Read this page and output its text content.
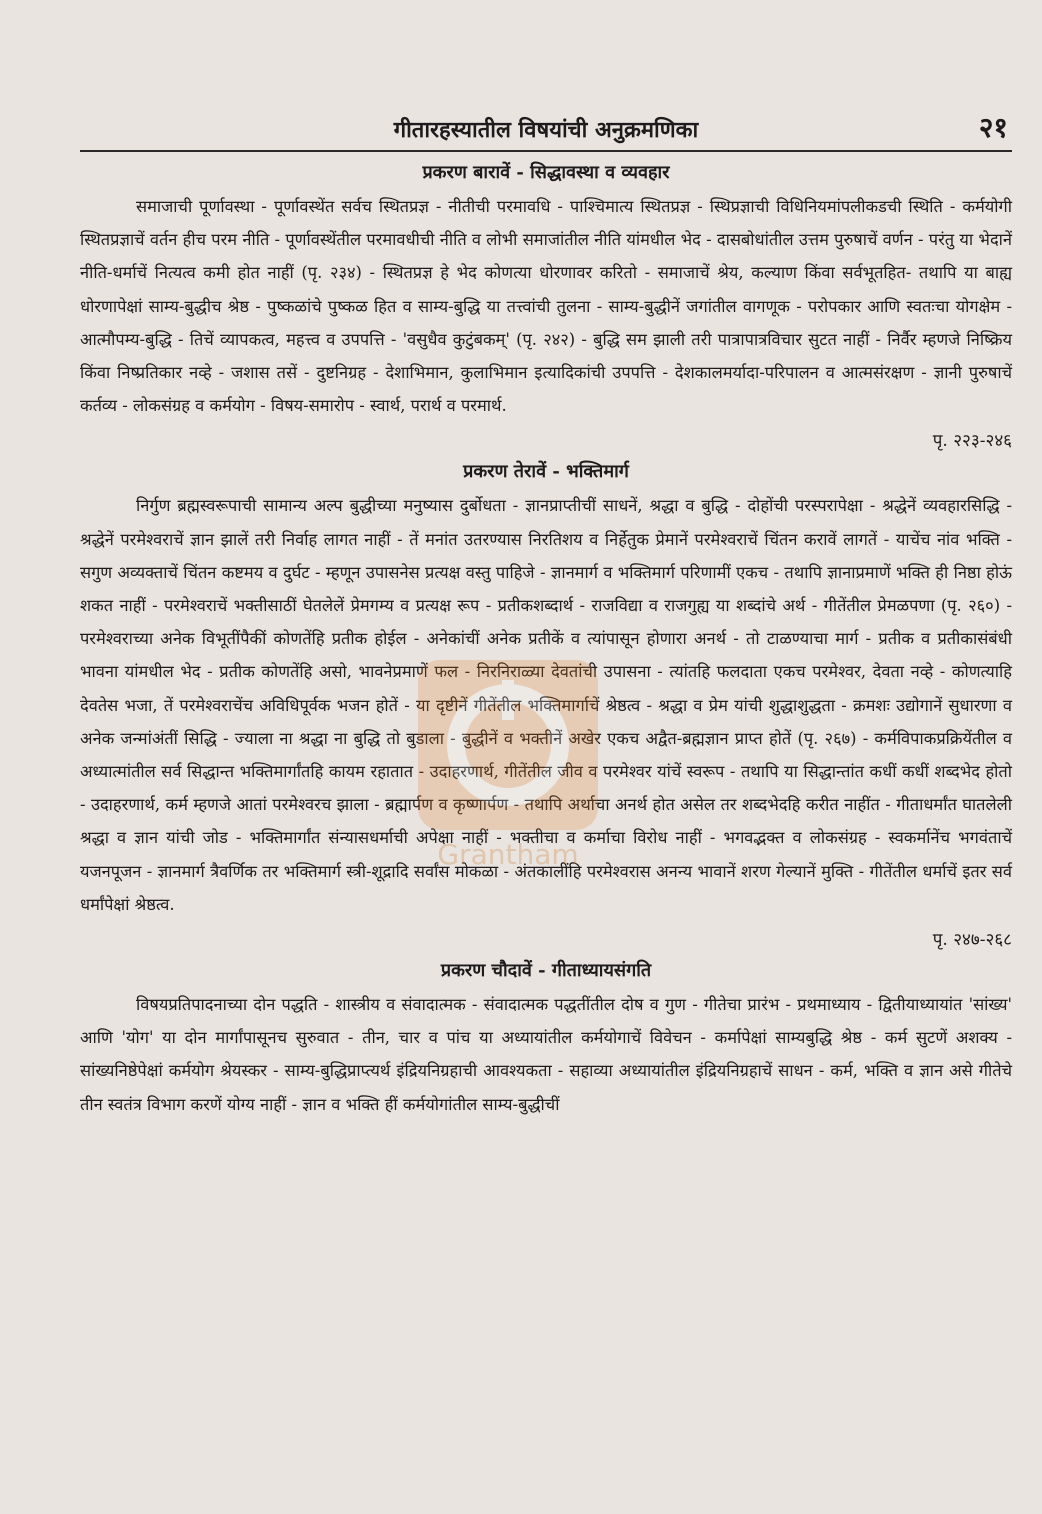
गीतारहस्यातील विषयांची अनुक्रमणिका	२१
प्रकरण बारावें - सिद्धावस्था व व्यवहार

समाजाची पूर्णावस्था - पूर्णावस्थेंत सर्वच स्थितप्रज्ञ - नीतीची परमावधि - पाश्चिमात्य स्थितप्रज्ञ - स्थिप्रज्ञाची विधिनियमांपलीकडची स्थिति - कर्मयोगी स्थितप्रज्ञाचें वर्तन हीच परम नीति - पूर्णावस्थेंतील परमावधीची नीति व लोभी समाजांतील नीति यांमधील भेद - दासबोधांतील उत्तम पुरुषाचें वर्णन - परंतु या भेदानें नीति-धर्माचें नित्यत्व कमी होत नाहीं (पृ. २३४) - स्थितप्रज्ञ हे भेद कोणत्या धोरणावर करितो - समाजाचें श्रेय, कल्याण किंवा सर्वभूतहित- तथापि या बाह्य धोरणापेक्षां साम्य-बुद्धीच श्रेष्ठ - पुष्कळांचे पुष्कळ हित व साम्य-बुद्धि या तत्त्वांची तुलना - साम्य-बुद्धीनें जगांतील वागणूक - परोपकार आणि स्वतःचा योगक्षेम - आत्मौपम्य-बुद्धि - तिचें व्यापकत्व, महत्त्व व उपपत्ति - 'वसुधैव कुटुंबकम्' (पृ. २४२) - बुद्धि सम झाली तरी पात्रापात्रविचार सुटत नाहीं - निर्वैर म्हणजे निष्क्रिय किंवा निष्प्रतिकार नव्हे - जशास तसें - दुष्टनिग्रह - देशाभिमान, कुलाभिमान इत्यादिकांची उपपत्ति - देशकालमर्यादा-परिपालन व आत्मसंरक्षण - ज्ञानी पुरुषाचें कर्तव्य - लोकसंग्रह व कर्मयोग - विषय-समारोप - स्वार्थ, परार्थ व परमार्थ.

पृ. २२३-२४६
प्रकरण तेरावें - भक्तिमार्ग

निर्गुण ब्रह्मस्वरूपाची सामान्य अल्प बुद्धीच्या मनुष्यास दुर्बोधता - ज्ञानप्राप्तीचीं साधनें, श्रद्धा व बुद्धि - दोहोंची परस्परापेक्षा - श्रद्धेनें व्यवहारसिद्धि - श्रद्धेनें परमेश्वराचें ज्ञान झालें तरी निर्वाह लागत नाहीं - तें मनांत उतरण्यास निरतिशय व निर्हेतुक प्रेमानें परमेश्वराचें चिंतन करावें लागतें - याचेंच नांव भक्ति - सगुण अव्यक्ताचें चिंतन कष्टमय व दुर्घट - म्हणून उपासनेस प्रत्यक्ष वस्तु पाहिजे - ज्ञानमार्ग व भक्तिमार्ग परिणामीं एकच - तथापि ज्ञानाप्रमाणें भक्ति ही निष्ठा होऊं शकत नाहीं - परमेश्वराचें भक्तीसाठीं घेतलेलें प्रेमगम्य व प्रत्यक्ष रूप - प्रतीकशब्दार्थ - राजविद्या व राजगुह्य या शब्दांचे अर्थ - गीतेंतील प्रेमळपणा (पृ. २६०) - परमेश्वराच्या अनेक विभूतींपैकीं कोणतेंहि प्रतीक होईल - अनेकांचीं अनेक प्रतीकें व त्यांपासून होणारा अनर्थ - तो टाळण्याचा मार्ग - प्रतीक व प्रतीकासंबंधी भावना यांमधील भेद - प्रतीक कोणतेंहि असो, भावनेप्रमाणें फल - निरनिराळ्या देवतांची उपासना - त्यांतहि फलदाता एकच परमेश्वर, देवता नव्हे - कोणत्याहि देवतेस भजा, तें परमेश्वराचेंच अविधिपूर्वक भजन होतें - या दृष्टीनें गीतेंतील भक्तिमार्गाचें श्रेष्ठत्व - श्रद्धा व प्रेम यांची शुद्धाशुद्धता - क्रमशः उद्योगानें सुधारणा व अनेक जन्मांअंतीं सिद्धि - ज्याला ना श्रद्धा ना बुद्धि तो बुडाला - बुद्धीनें व भक्तीनें अखेर एकच अद्वैत-ब्रह्मज्ञान प्राप्त होतें (पृ. २६७) - कर्मविपाकप्रक्रियेंतील व अध्यात्मांतील सर्व सिद्धान्त भक्तिमार्गांतहि कायम रहातात - उदाहरणार्थ, गीतेंतील जीव व परमेश्वर यांचें स्वरूप - तथापि या सिद्धान्तांत कधीं कधीं शब्दभेद होतो - उदाहरणार्थ, कर्म म्हणजे आतां परमेश्वरच झाला - ब्रह्मार्पण व कृष्णार्पण - तथापि अर्थाचा अनर्थ होत असेल तर शब्दभेदहि करीत नाहींत - गीताधर्मांत घातलेली श्रद्धा व ज्ञान यांची जोड - भक्तिमार्गांत संन्यासधर्माची अपेक्षा नाहीं - भक्तीचा व कर्माचा विरोध नाहीं - भगवद्भक्त व लोकसंग्रह - स्वकर्मानेंच भगवंताचें यजनपूजन - ज्ञानमार्ग त्रैवर्णिक तर भक्तिमार्ग स्त्री-शूद्रादि सर्वांस मोकळा - अंतकालींहि परमेश्वरास अनन्य भावानें शरण गेल्यानें मुक्ति - गीतेंतील धर्माचें इतर सर्व धर्मांपेक्षां श्रेष्ठत्व.

पृ. २४७-२६८
प्रकरण चौदावें - गीताध्यायसंगति

विषयप्रतिपादनाच्या दोन पद्धति - शास्त्रीय व संवादात्मक - संवादात्मक पद्धतींतील दोष व गुण - गीतेचा प्रारंभ - प्रथमाध्याय - द्वितीयाध्यायांत 'सांख्य' आणि 'योग' या दोन मार्गांपासूनच सुरुवात - तीन, चार व पांच या अध्यायांतील कर्मयोगाचें विवेचन - कर्मापेक्षां साम्यबुद्धि श्रेष्ठ - कर्म सुटणें अशक्य - सांख्यनिष्ठेपेक्षां कर्मयोग श्रेयस्कर - साम्य-बुद्धिप्राप्त्यर्थ इंद्रियनिग्रहाची आवश्यकता - सहाव्या अध्यायांतील इंद्रियनिग्रहाचें साधन - कर्म, भक्ति व ज्ञान असे गीतेचे तीन स्वतंत्र विभाग करणें योग्य नाहीं - ज्ञान व भक्ति हीं कर्मयोगांतील साम्य-बुद्धीचीं

Grantham
